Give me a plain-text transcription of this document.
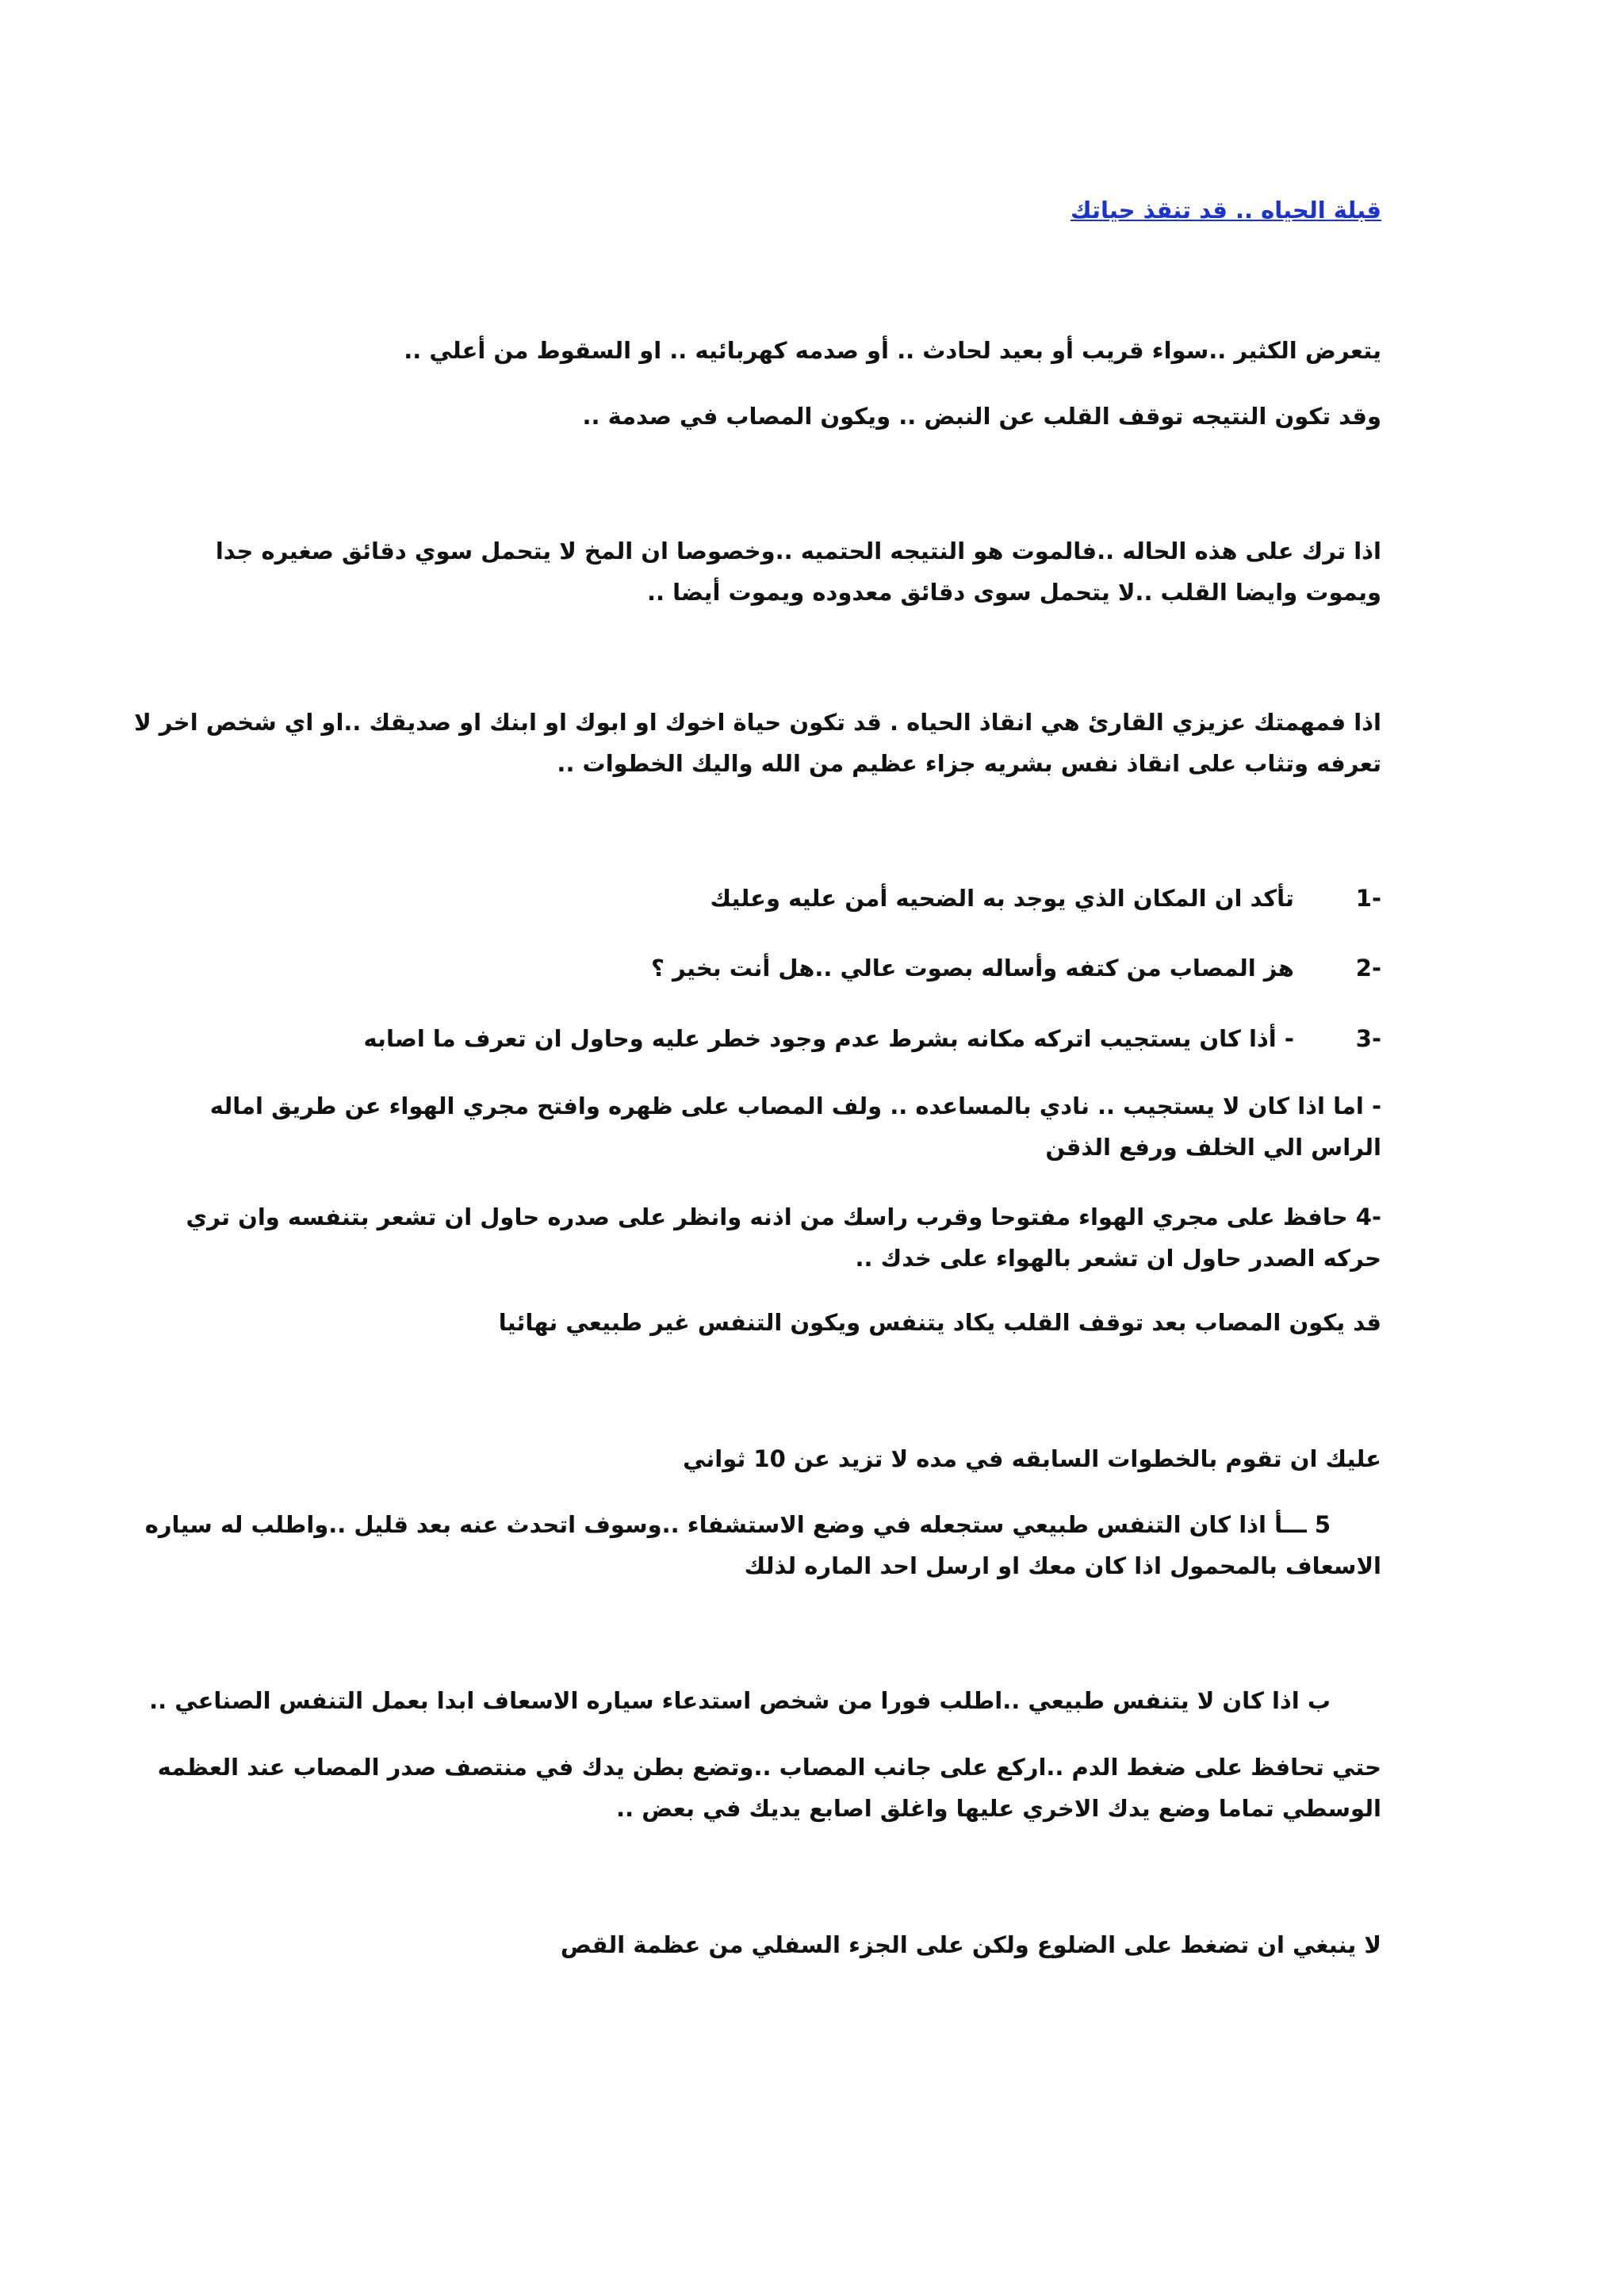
قبلة الحياه .. قد تنقذ حياتك
يتعرض الكثير ..سواء قريب أو بعيد لحادث .. أو صدمه كهربائيه .. او السقوط من أعلي ..
وقد تكون النتيجه توقف القلب عن النبض .. ويكون المصاب في صدمة ..
اذا ترك على هذه الحاله ..فالموت هو النتيجه الحتميه ..وخصوصا ان المخ لا يتحمل سوي دقائق صغيره جدا
ويموت وايضا القلب ..لا يتحمل سوى دقائق معدوده ويموت أيضا ..
اذا فمهمتك عزيزي القارئ هي انقاذ الحياه . قد تكون حياة اخوك او ابوك او ابنك او صديقك ..او اي شخص اخر لا
تعرفه وتثاب على انقاذ نفس بشريه جزاء عظيم من الله واليك الخطوات ..
-1 تأكد ان المكان الذي يوجد به الضحيه أمن عليه وعليك
-2 هز المصاب من كتفه وأساله بصوت عالي ..هل أنت بخير ؟
-3 - أذا كان يستجيب اتركه مكانه بشرط عدم وجود خطر عليه وحاول ان تعرف ما اصابه
- اما اذا كان لا يستجيب .. نادي بالمساعده .. ولف المصاب على ظهره وافتح مجري الهواء عن طريق اماله
الراس الي الخلف ورفع الذقن
-4 حافظ على مجري الهواء مفتوحا وقرب راسك من اذنه وانظر على صدره حاول ان تشعر بتنفسه وان تري
حركه الصدر حاول ان تشعر بالهواء على خدك ..
قد يكون المصاب بعد توقف القلب يكاد يتنفس ويكون التنفس غير طبيعي نهائيا
عليك ان تقوم بالخطوات السابقه في مده لا تزيد عن 10 ثواني
5 ـــأ اذا كان التنفس طبيعي ستجعله في وضع الاستشفاء ..وسوف اتحدث عنه بعد قليل ..واطلب له سياره
الاسعاف بالمحمول اذا كان معك او ارسل احد الماره لذلك
ب اذا كان لا يتنفس طبيعي ..اطلب فورا من شخص استدعاء سياره الاسعاف ابدا بعمل التنفس الصناعي ..
حتي تحافظ على ضغط الدم ..اركع على جانب المصاب ..وتضع بطن يدك في منتصف صدر المصاب عند العظمه
الوسطي تماما وضع يدك الاخري عليها واغلق اصابع يديك في بعض ..
لا ينبغي ان تضغط على الضلوع ولكن على الجزء السفلي من عظمة القص
